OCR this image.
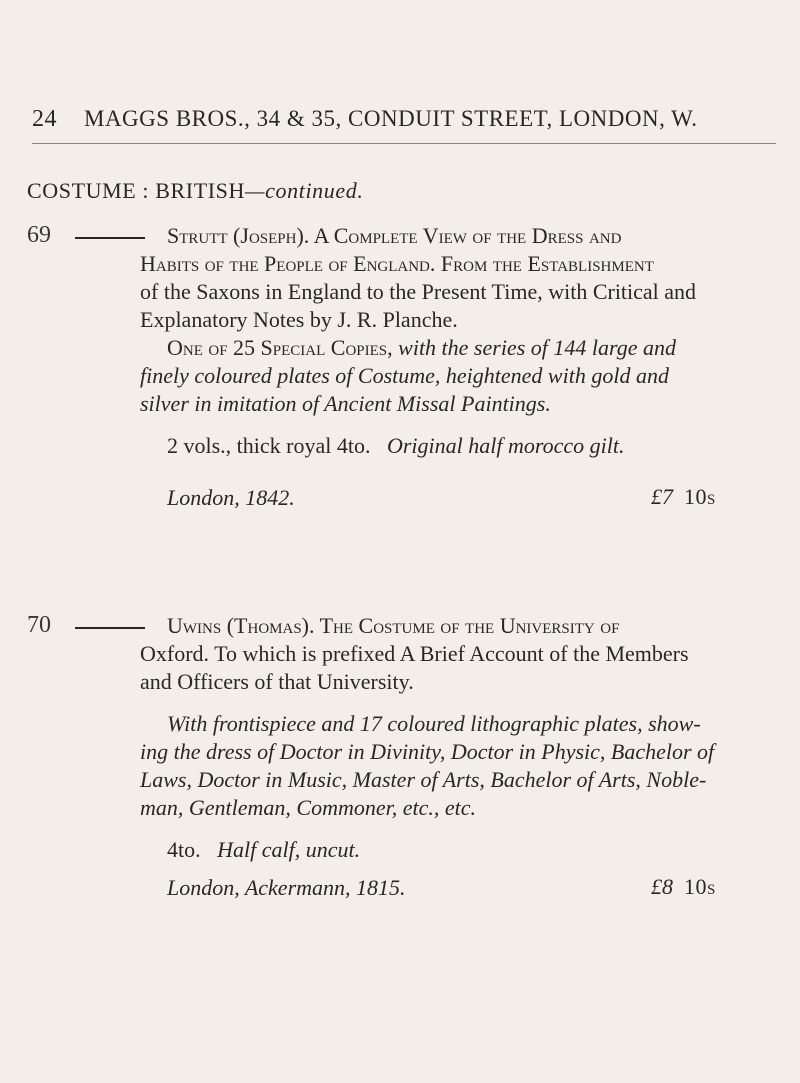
24 MAGGS BROS., 34 & 35, CONDUIT STREET, LONDON, W.
COSTUME : BRITISH—continued.
69	Strutt (Joseph). A Complete View of the Dress and
Habits of the People of England. From the Establishment
of the Saxons in England to the Present Time, with Critical and
Explanatory Notes by J. R. Planche.
One of 25 Special Copies, with the series of 144 large and
finely coloured plates of Costume, heightened with gold and
silver in imitation of Ancient Missal Paintings.
2 vols., thick royal 4to. Original half morocco gilt.
London, 1842.	£7 10s
70	Uwins (Thomas). The Costume of the University of
Oxford. To which is prefixed A Brief Account of the Members
and Officers of that University.
With frontispiece and 17 coloured lithographic plates, show-
ing the dress of Doctor in Divinity, Doctor in Physic, Bachelor of
Laws, Doctor in Music, Master of Arts, Bachelor of Arts, Noble-
man, Gentleman, Commoner, etc., etc.
4to. Half calf, uncut.
London, Ackermann, 1815.	£8 10s
